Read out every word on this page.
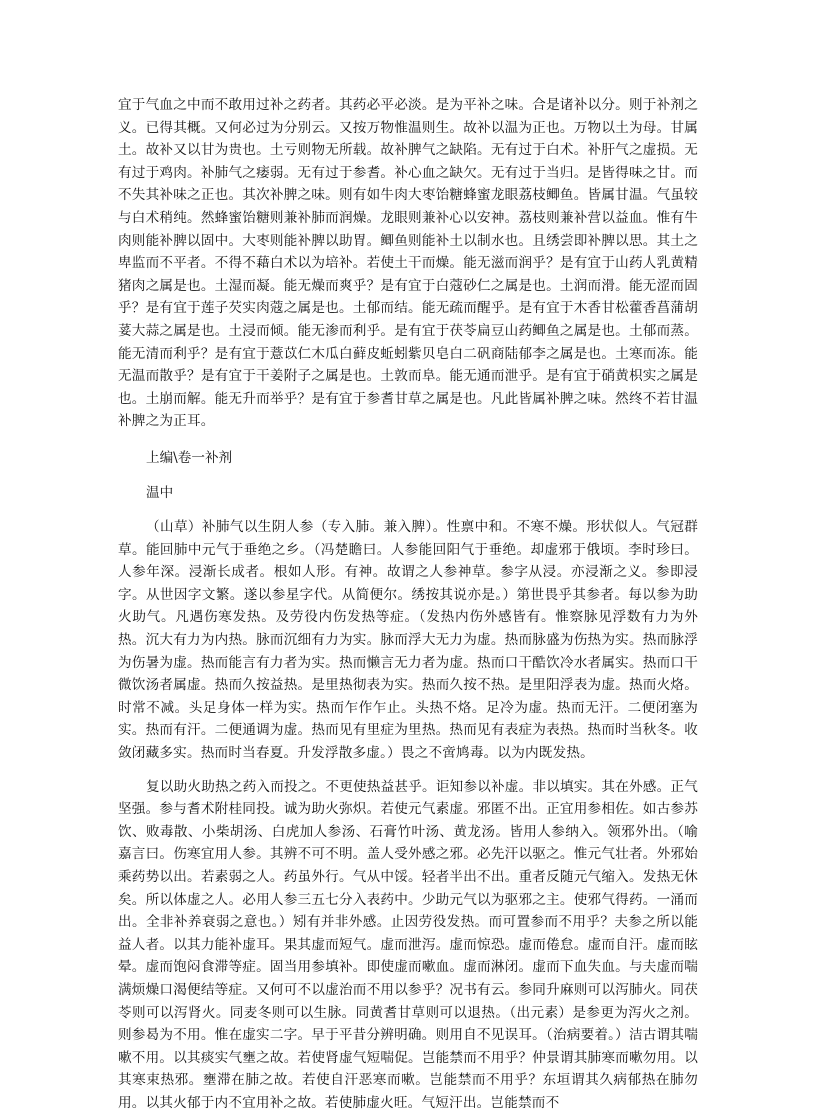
宜于气血之中而不敢用过补之药者。其药必平必淡。是为平补之味。合是诸补以分。则于补剂之义。已得其概。又何必过为分别云。又按万物惟温则生。故补以温为正也。万物以土为母。甘属土。故补又以甘为贵也。土亏则物无所载。故补脾气之缺陷。无有过于白术。补肝气之虚损。无有过于鸡肉。补肺气之痿弱。无有过于参耆。补心血之缺欠。无有过于当归。是皆得味之甘。而不失其补味之正也。其次补脾之味。则有如牛肉大枣饴糖蜂蜜龙眼荔枝鲫鱼。皆属甘温。气虽较与白术稍纯。然蜂蜜饴糖则兼补肺而润燥。龙眼则兼补心以安神。荔枝则兼补营以益血。惟有牛肉则能补脾以固中。大枣则能补脾以助胃。鲫鱼则能补土以制水也。且绣尝即补脾以思。其土之卑监而不平者。不得不藉白术以为培补。若使土干而燥。能无滋而润乎？是有宜于山药人乳黄精猪肉之属是也。土湿而凝。能无燥而爽乎？是有宜于白蔻砂仁之属是也。土润而滑。能无涩而固乎？是有宜于莲子芡实肉蔻之属是也。土郁而结。能无疏而醒乎。是有宜于木香甘松藿香菖蒲胡荽大蒜之属是也。土浸而倾。能无渗而利乎。是有宜于茯苓扁豆山药鲫鱼之属是也。土郁而蒸。能无清而利乎？是有宜于薏苡仁木瓜白藓皮蚯蚓紫贝皂白二矾商陆郁李之属是也。土寒而冻。能无温而散乎？是有宜于干姜附子之属是也。土敦而阜。能无通而泄乎。是有宜于硝黄枳实之属是也。土崩而解。能无升而举乎？是有宜于参耆甘草之属是也。凡此皆属补脾之味。然终不若甘温补脾之为正耳。

上编\卷一补剂

温中

（山草）补肺气以生阴人参（专入肺。兼入脾）。性禀中和。不寒不燥。形状似人。气冠群草。能回肺中元气于垂绝之乡。（冯楚瞻曰。人参能回阳气于垂绝。却虚邪于俄顷。李时珍曰。人参年深。浸渐长成者。根如人形。有神。故谓之人参神草。参字从浸。亦浸渐之义。参即浸字。从世因字文繁。遂以参星字代。从简便尔。绣按其说亦是。）第世畏乎其参者。每以参为助火助气。凡遇伤寒发热。及劳役内伤发热等症。（发热内伤外感皆有。惟察脉见浮数有力为外热。沉大有力为内热。脉而沉细有力为实。脉而浮大无力为虚。热而脉盛为伤热为实。热而脉浮为伤暑为虚。热而能言有力者为实。热而懒言无力者为虚。热而口干酷饮冷水者属实。热而口干微饮汤者属虚。热而久按益热。是里热彻表为实。热而久按不热。是里阳浮表为虚。热而火烙。时常不减。头足身体一样为实。热而乍作乍止。头热不烙。足冷为虚。热而无汗。二便闭塞为实。热而有汗。二便通调为虚。热而见有里症为里热。热而见有表症为表热。热而时当秋冬。收敛闭藏多实。热而时当春夏。升发浮散多虚。）畏之不啻鸠毒。以为内既发热。

复以助火助热之药入而投之。不更使热益甚乎。讵知参以补虚。非以填实。其在外感。正气坚强。参与耆术附桂同投。诚为助火弥炽。若使元气素虚。邪匿不出。正宜用参相佐。如古参苏饮、败毒散、小柴胡汤、白虎加人参汤、石膏竹叶汤、黄龙汤。皆用人参纳入。领邪外出。（喻嘉言曰。伤寒宜用人参。其辨不可不明。盖人受外感之邪。必先汗以驱之。惟元气壮者。外邪始乘药势以出。若素弱之人。药虽外行。气从中馁。轻者半出不出。重者反随元气缩入。发热无休矣。所以体虚之人。必用人参三五七分入表药中。少助元气以为驱邪之主。使邪气得药。一涌而出。全非补养衰弱之意也。）矧有并非外感。止因劳役发热。而可置参而不用乎？夫参之所以能益人者。以其力能补虚耳。果其虚而短气。虚而泄泻。虚而惊恐。虚而倦怠。虚而自汗。虚而眩晕。虚而饱闷食滞等症。固当用参填补。即使虚而嗽血。虚而淋闭。虚而下血失血。与夫虚而喘满烦燥口渴便结等症。又何可不以虚治而不用以参乎？况书有云。参同升麻则可以泻肺火。同茯苓则可以泻肾火。同麦冬则可以生脉。同黄耆甘草则可以退热。（出元素）是参更为泻火之剂。则参曷为不用。惟在虚实二字。早于平昔分辨明确。则用自不见误耳。（治病要着。）洁古谓其喘嗽不用。以其痰实气壅之故。若使肾虚气短喘促。岂能禁而不用乎？仲景谓其肺寒而嗽勿用。以其寒束热邪。壅滞在肺之故。若使自汗恶寒而嗽。岂能禁而不用乎？东垣谓其久病郁热在肺勿用。以其火郁于内不宜用补之故。若使肺虚火旺。气短汗出。岂能禁而不
